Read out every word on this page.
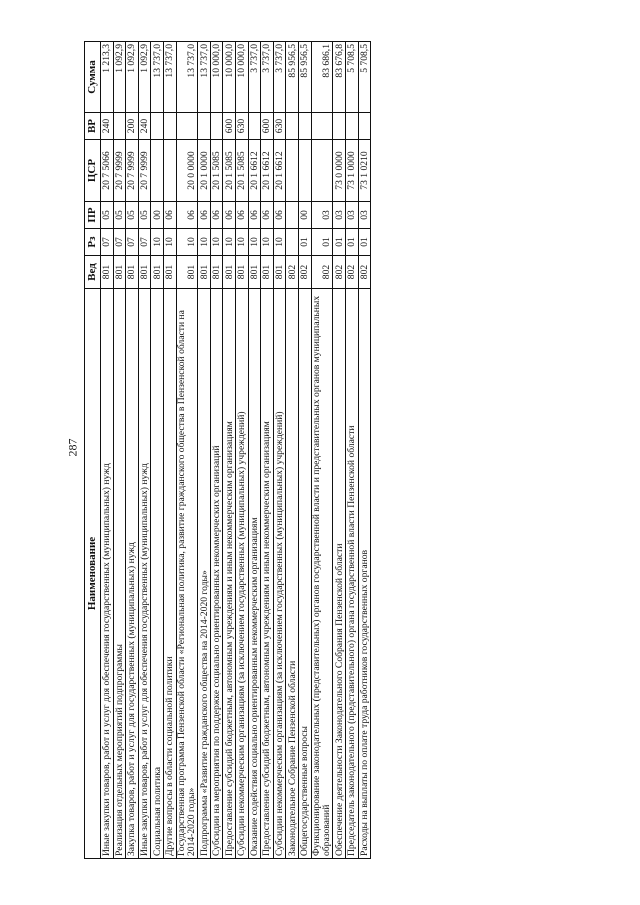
287
Наименование	Вед	Рз	ПР	ЦСР	ВР	Сумма
Иные закупки товаров, работ и услуг для обеспечения государственных (муниципальных) нужд	801	07	05	20 7 5066	240	1 213,3
Реализация отдельных мероприятий подпрограммы	801	07	05	20 7 9999		1 092,9
Закупка товаров, работ и услуг для государственных (муниципальных) нужд	801	07	05	20 7 9999	200	1 092,9
Иные закупки товаров, работ и услуг для обеспечения государственных (муниципальных) нужд	801	07	05	20 7 9999	240	1 092,9
Социальная политика	801	10	00			13 737,0
Другие вопросы в области социальной политики	801	10	06			13 737,0
Государственная программа Пензенской области «Региональная политика, развитие гражданского общества в Пензенской области на 2014-2020 годы»	801	10	06	20 0 0000		13 737,0
Подпрограмма «Развитие гражданского общества на 2014-2020 годы»	801	10	06	20 1 0000		13 737,0
Субсидии на мероприятия по поддержке социально ориентированных некоммерческих организаций	801	10	06	20 1 5085		10 000,0
Предоставление субсидий бюджетным, автономным учреждениям и иным некоммерческим организациям	801	10	06	20 1 5085	600	10 000,0
Субсидии некоммерческим организациям (за исключением государственных (муниципальных) учреждений)	801	10	06	20 1 5085	630	10 000,0
Оказание содействия социально ориентированным некоммерческим организациям	801	10	06	20 1 6612		3 737,0
Предоставление субсидий бюджетным, автономным учреждениям и иным некоммерческим организациям	801	10	06	20 1 6612	600	3 737,0
Субсидии некоммерческим организациям (за исключением государственных (муниципальных) учреждений)	801	10	06	20 1 6612	630	3 737,0
Законодательное Собрание Пензенской области	802					85 956,5
Общегосударственные вопросы	802	01	00			85 956,5
Функционирование законодательных (представительных) органов государственной власти и представительных органов муниципальных образований	802	01	03			83 686,1
Обеспечение деятельности Законодательного Собрания Пензенской области	802	01	03	73 0 0000		83 676,8
Председатель законодательного (представительного) органа государственной власти Пензенской области	802	01	03	73 1 0000		5 708,5
Расходы на выплаты по оплате труда работников государственных органов	802	01	03	73 1 0210		5 708,5
